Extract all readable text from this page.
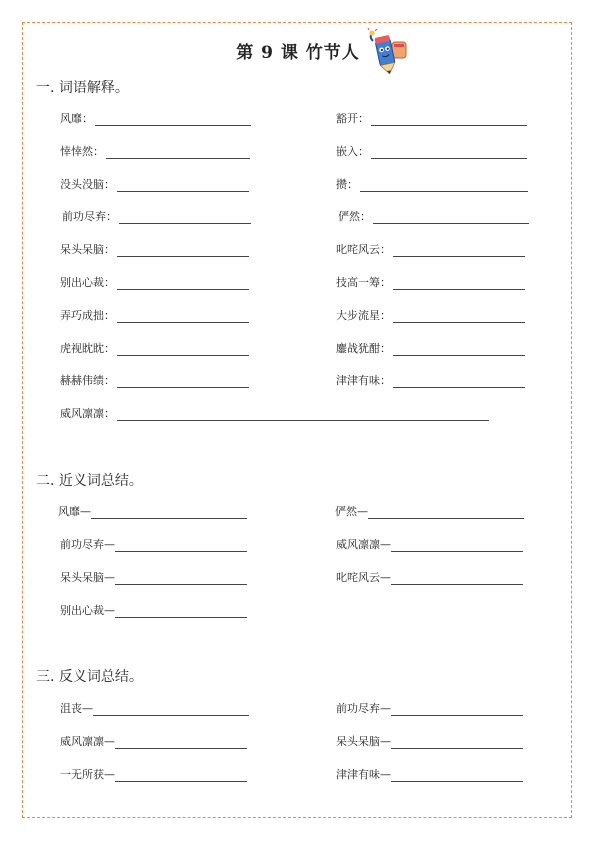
第 9 课 竹节人
一. 词语解释。
风靡：	豁开：
悻悻然：	嵌入：
没头没脑：	攒：
前功尽弃：	俨然：
呆头呆脑：	叱咤风云：
别出心裁：	技高一筹：
弄巧成拙：	大步流星：
虎视眈眈：	鏖战犹酣：
赫赫伟绩：	津津有味：
威风凛凛：
二. 近义词总结。
风靡—	俨然—
前功尽弃—	威风凛凛—
呆头呆脑—	叱咤风云—
别出心裁—
三. 反义词总结。
沮丧—	前功尽弃—
威风凛凛—	呆头呆脑—
一无所获—	津津有味—
